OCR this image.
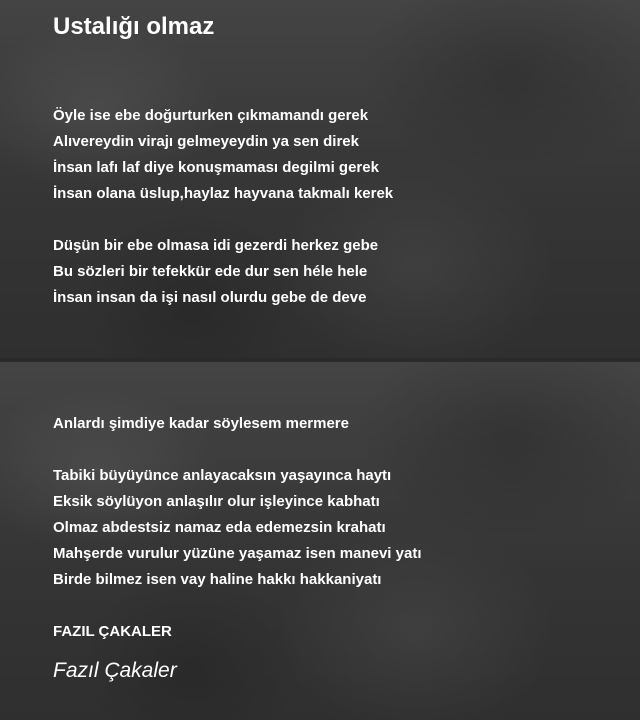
Ustalığı olmaz
Öyle ise ebe doğurturken çıkmamandı gerek
Alıvereydin virajı gelmeyeydin ya sen direk
İnsan lafı laf diye konuşmaması degilmi gerek
İnsan olana üslup,haylaz hayvana takmalı kerek
Düşün bir ebe olmasa idi gezerdi herkez gebe
Bu sözleri bir tefekkür ede dur sen héle hele
İnsan insan da işi nasıl olurdu gebe de deve
Anlardı şimdiye kadar söylesem mermere
Tabiki büyüyünce anlayacaksın yaşayınca haytı
Eksik söylüyon anlaşılır olur işleyince kabhatı
Olmaz abdestsiz namaz eda edemezsin krahatı
Mahşerde vurulur yüzüne yaşamaz isen manevi yatı
Birde bilmez isen vay haline hakkı hakkaniyatı

FAZIL ÇAKALER

Fazıl Çakaler
